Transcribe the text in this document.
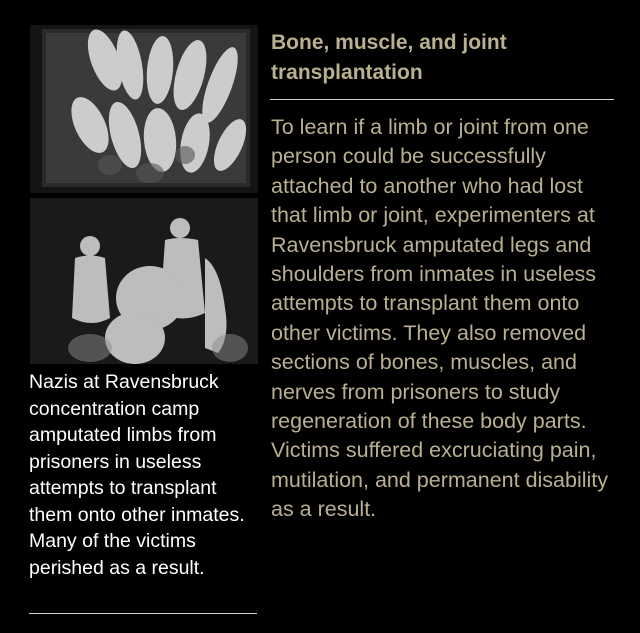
Nazis at Ravensbruck concentration camp amputated limbs from prisoners in useless attempts to transplant them onto other inmates. Many of the victims perished as a result.

Bone, muscle, and joint transplantation

To learn if a limb or joint from one person could be successfully attached to another who had lost that limb or joint, experimenters at Ravensbruck amputated legs and shoulders from inmates in useless attempts to transplant them onto other victims. They also removed sections of bones, muscles, and nerves from prisoners to study regeneration of these body parts. Victims suffered excruciating pain, mutilation, and permanent disability as a result.
